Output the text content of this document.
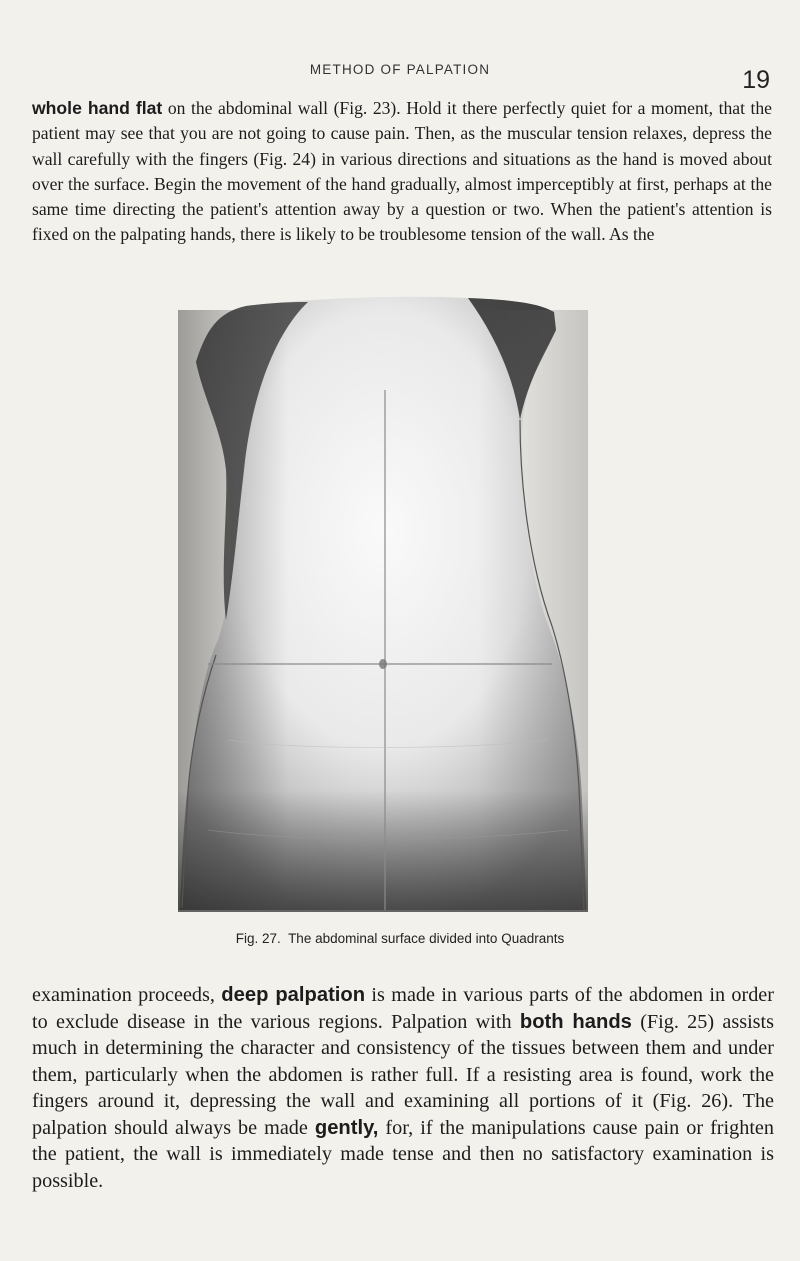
METHOD OF PALPATION	19

whole hand flat on the abdominal wall (Fig. 23). Hold it there perfectly quiet for a moment, that the patient may see that you are not going to cause pain. Then, as the muscular tension relaxes, depress the wall carefully with the fingers (Fig. 24) in various directions and situations as the hand is moved about over the surface. Begin the movement of the hand gradually, almost imperceptibly at first, perhaps at the same time directing the patient's attention away by a question or two. When the patient's attention is fixed on the palpating hands, there is likely to be troublesome tension of the wall. As the

Fig. 27. The abdominal surface divided into Quadrants

examination proceeds, deep palpation is made in various parts of the abdomen in order to exclude disease in the various regions. Palpation with both hands (Fig. 25) assists much in determining the character and consistency of the tissues between them and under them, particularly when the abdomen is rather full. If a resisting area is found, work the fingers around it, depressing the wall and examining all portions of it (Fig. 26). The palpation should always be made gently, for, if the manipulations cause pain or frighten the patient, the wall is immediately made tense and then no satisfactory examination is possible.
